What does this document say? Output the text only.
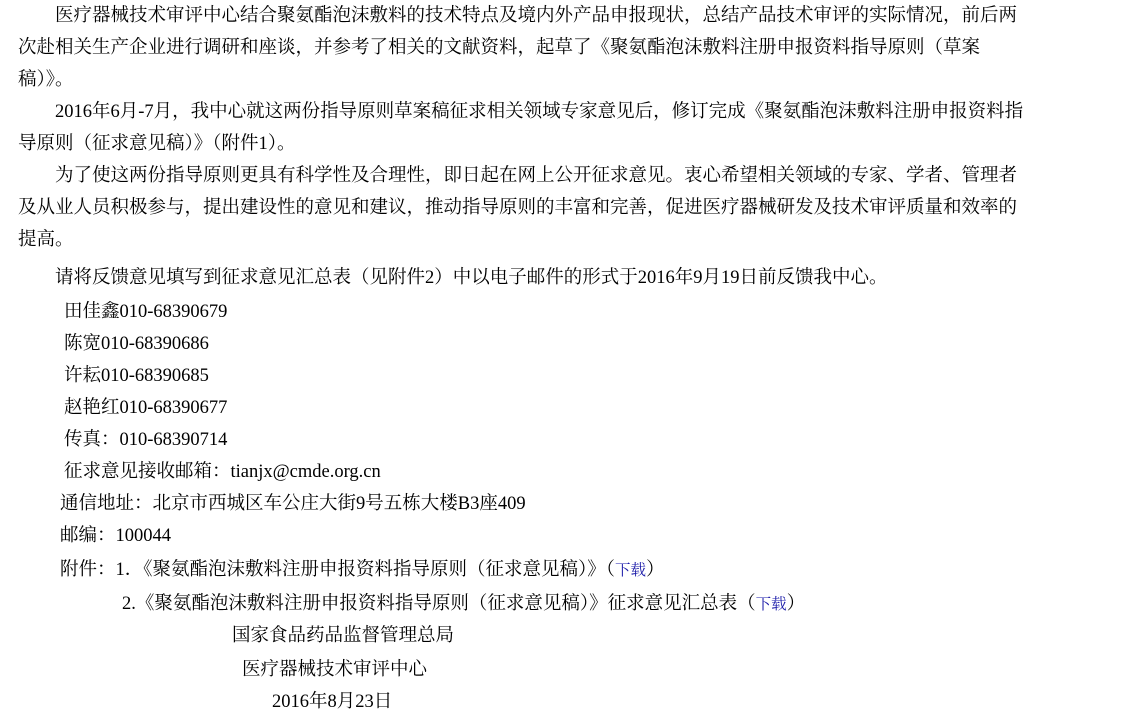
　　医疗器械技术审评中心结合聚氨酯泡沫敷料的技术特点及境内外产品申报现状，总结产品技术审评的实际情况，前后两
次赴相关生产企业进行调研和座谈，并参考了相关的文献资料，起草了《聚氨酯泡沫敷料注册申报资料指导原则（草案
稿）》。
　　2016年6月-7月，我中心就这两份指导原则草案稿征求相关领域专家意见后，修订完成《聚氨酯泡沫敷料注册申报资料指
导原则（征求意见稿）》（附件1）。
　　为了使这两份指导原则更具有科学性及合理性，即日起在网上公开征求意见。衷心希望相关领域的专家、学者、管理者
及从业人员积极参与，提出建设性的意见和建议，推动指导原则的丰富和完善，促进医疗器械研发及技术审评质量和效率的
提高。
　　请将反馈意见填写到征求意见汇总表（见附件2）中以电子邮件的形式于2016年9月19日前反馈我中心。
田佳鑫010-68390679
陈宽010-68390686
许耘010-68390685
赵艳红010-68390677
传真：010-68390714
征求意见接收邮箱：tianjx@cmde.org.cn
通信地址：北京市西城区车公庄大街9号五栋大楼B3座409
邮编：100044
附件：1．《聚氨酯泡沫敷料注册申报资料指导原则（征求意见稿）》（下载）
2.《聚氨酯泡沫敷料注册申报资料指导原则（征求意见稿）》征求意见汇总表（下载）
国家食品药品监督管理总局
医疗器械技术审评中心
2016年8月23日
